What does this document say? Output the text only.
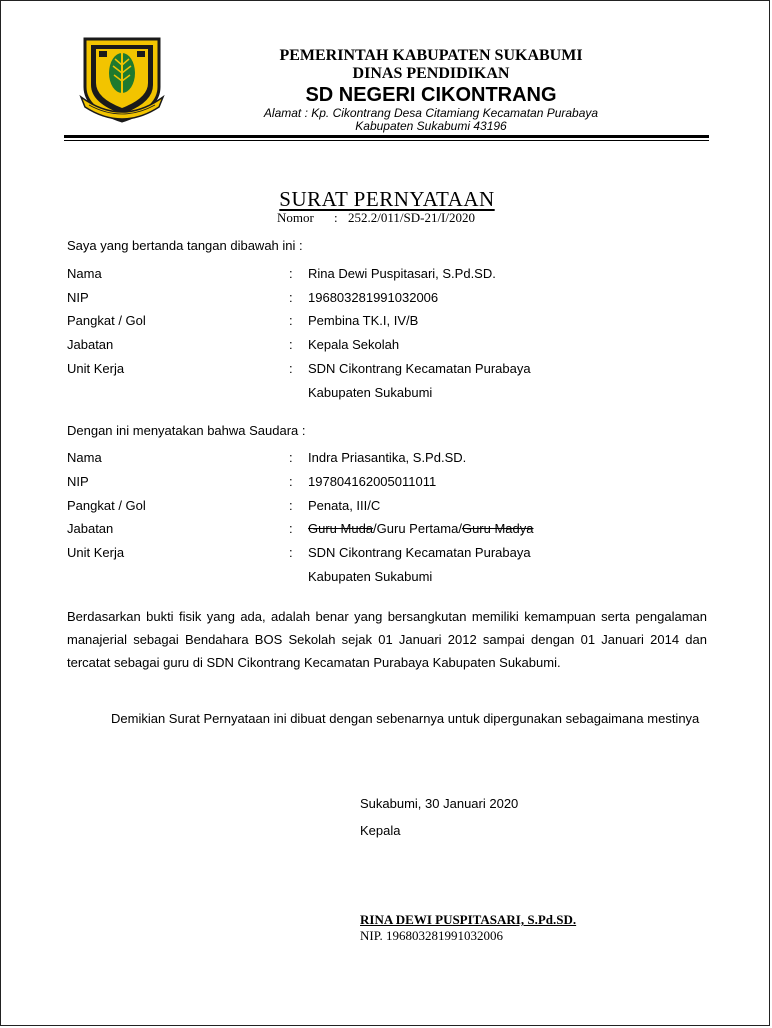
PEMERINTAH KABUPATEN SUKABUMI
DINAS PENDIDIKAN
SD NEGERI CIKONTRANG
Alamat : Kp. Cikontrang Desa Citamiang Kecamatan Purabaya
Kabupaten Sukabumi 43196
SURAT PERNYATAAN
Nomor : 252.2/011/SD-21/I/2020
Saya yang bertanda tangan dibawah ini :
Nama	: Rina Dewi Puspitasari, S.Pd.SD.
NIP	: 196803281991032006
Pangkat / Gol	: Pembina TK.I, IV/B
Jabatan	: Kepala Sekolah
Unit Kerja	: SDN Cikontrang Kecamatan Purabaya
Kabupaten Sukabumi
Dengan ini menyatakan bahwa Saudara :
Nama	: Indra Priasantika, S.Pd.SD.
NIP	: 197804162005011011
Pangkat / Gol	: Penata, III/C
Jabatan	: Guru Muda/Guru Pertama/Guru Madya
Unit Kerja	: SDN Cikontrang Kecamatan Purabaya
Kabupaten Sukabumi
Berdasarkan bukti fisik yang ada, adalah benar yang bersangkutan memiliki kemampuan serta pengalaman manajerial sebagai Bendahara BOS Sekolah sejak 01 Januari 2012 sampai dengan 01 Januari 2014 dan tercatat sebagai guru di SDN Cikontrang Kecamatan Purabaya Kabupaten Sukabumi.
Demikian Surat Pernyataan ini dibuat dengan sebenarnya untuk dipergunakan sebagaimana mestinya
Sukabumi, 30 Januari 2020
Kepala
RINA DEWI PUSPITASARI, S.Pd.SD.
NIP. 196803281991032006
